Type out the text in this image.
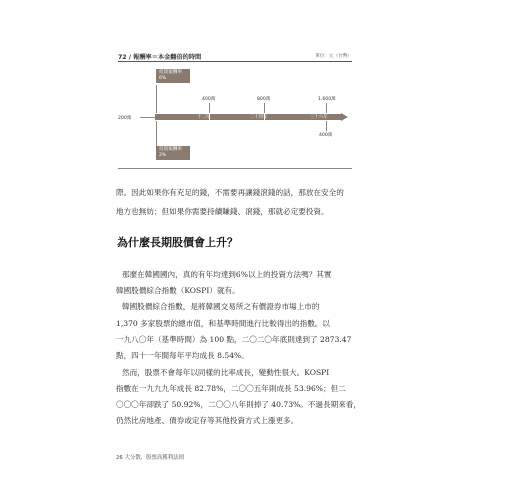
72 / 報酬率＝本金翻倍的時間	單位：元（台幣）
投資報酬率
6%
200萬
400萬	800萬	1,600萬
十二年	二十四年	三十六年
400萬
投資報酬率
2%
際。因此如果你有充足的錢，不需要再讓錢滾錢的話，那放在安全的
地方也無妨；但如果你需要持續賺錢、滾錢，那就必定要投資。
為什麼長期股價會上升？
那麼在韓國國內，真的有年均達到6%以上的投資方法嗎？其實
韓國股價綜合指數（KOSPI）就有。
韓國股價綜合指數，是將韓國交易所之有價證券市場上市的
1,370 多家股票的總市值，和基準時間進行比較得出的指數。以
一九八〇年（基準時間）為 100 點，二〇二〇年底則達到了 2873.47
點，四十一年間每年平均成長 8.54%。
然而，股票不會每年以同樣的比率成長，變動性很大。KOSPI
指數在一九九九年成長 82.78%，二〇〇五年則成長 53.96%；但二
〇〇〇年卻跌了 50.92%，二〇〇八年則掉了 40.73%。不過長期來看，
仍然比房地產、債券或定存等其他投資方式上漲更多。
26 大分散，股票高獲利法則
